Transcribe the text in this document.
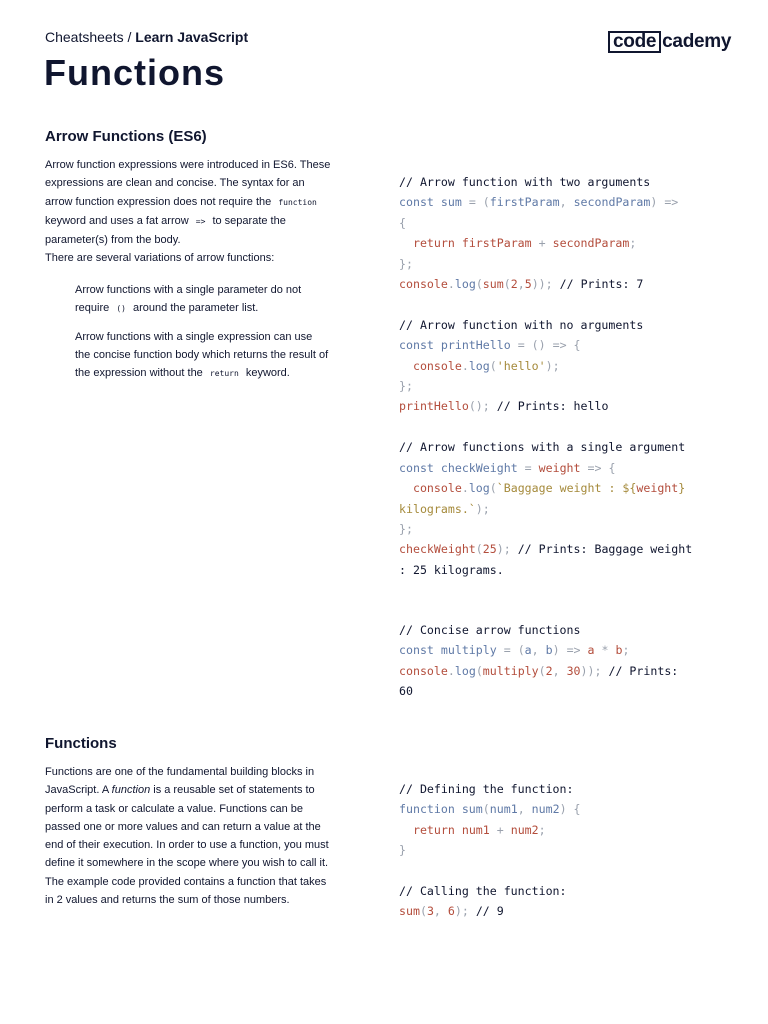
Cheatsheets / Learn JavaScript	code cademy
Functions
Arrow Functions (ES6)

Arrow function expressions were introduced in ES6. These expressions are clean and concise. The syntax for an arrow function expression does not require the function keyword and uses a fat arrow => to separate the parameter(s) from the body.

There are several variations of arrow functions:

Arrow functions with a single parameter do not require () around the parameter list.

Arrow functions with a single expression can use the concise function body which returns the result of the expression without the return keyword.

// Arrow function with two arguments
const sum = (firstParam, secondParam) =>
{
return firstParam + secondParam;
};
console.log(sum(2,5)); // Prints: 7

// Arrow function with no arguments
const printHello = () => {
console.log('hello');
};
printHello(); // Prints: hello

// Arrow functions with a single argument
const checkWeight = weight => {
console.log(`Baggage weight : ${weight}
kilograms.`);
};
checkWeight(25); // Prints: Baggage weight
: 25 kilograms.

// Concise arrow functions
const multiply = (a, b) => a * b;
console.log(multiply(2, 30)); // Prints:
60

Functions

Functions are one of the fundamental building blocks in JavaScript. A function is a reusable set of statements to perform a task or calculate a value. Functions can be passed one or more values and can return a value at the end of their execution. In order to use a function, you must define it somewhere in the scope where you wish to call it.

The example code provided contains a function that takes in 2 values and returns the sum of those numbers.

// Defining the function:
function sum(num1, num2) {
return num1 + num2;
}

// Calling the function:
sum(3, 6); // 9
